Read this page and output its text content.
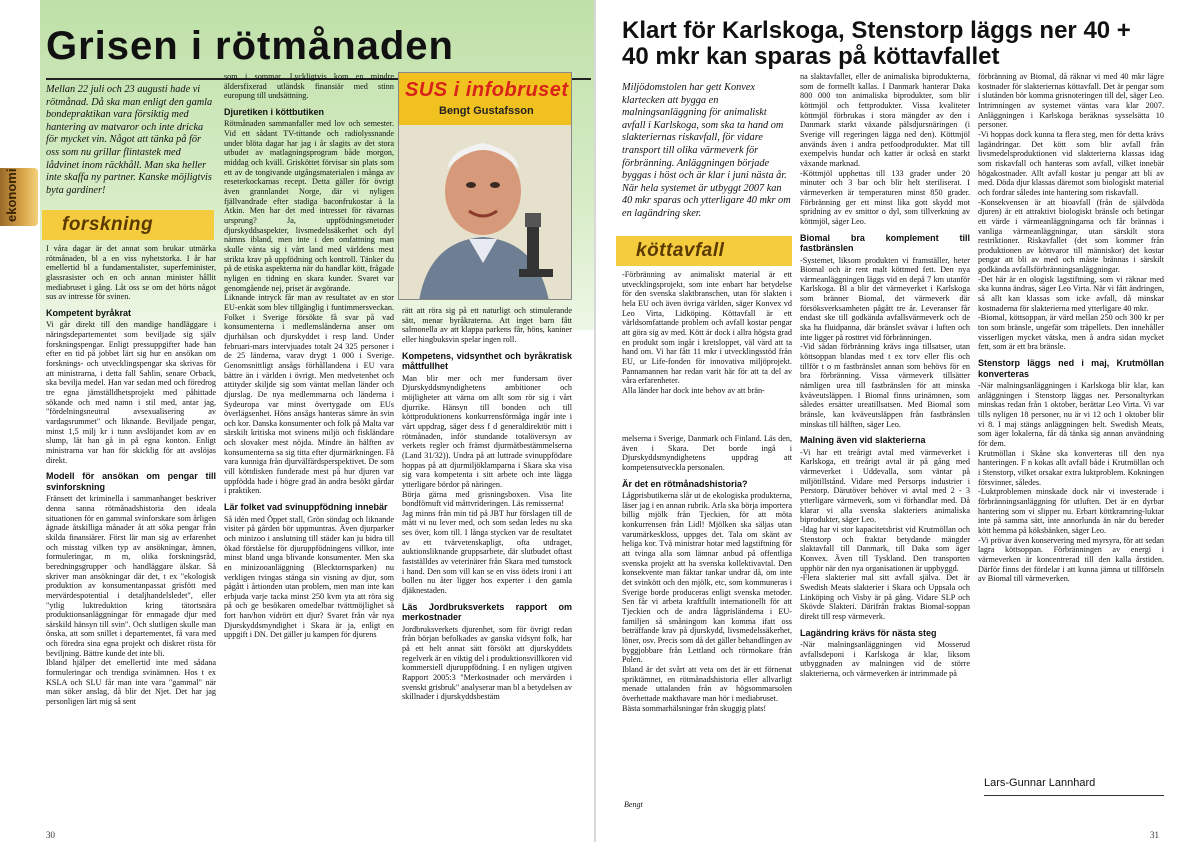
Grisen i rötmånaden
Mellan 22 juli och 23 augusti hade vi rötmånad. Då ska man enligt den gamla bondepraktikan vara försiktig med hantering av matvaror och inte dricka för mycket vin. Något att tänka på för oss som nu grillar flintastek med lådvinet inom räckhåll. Man ska heller inte skaffa ny partner. Kanske möjligtvis byta gardiner!
ekonomi
forskning

I våra dagar är det annat som brukar utmärka rötmånaden, bl a en viss nyhetstorka. I år har emellertid bl a fundamentalister, superfeminister, glassrasister och en och annan minister hållit mediabruset i gång. Låt oss se om det hörts något sus av intresse för svinen.

Kompetent byråkrat

Vi går direkt till den mandige handläggare i näringsdepartementet som beviljade sig själv forskningspengar. Enligt pressuppgifter hade han efter en tid på jobbet lärt sig hur en ansökan om forsknings- och utvecklingspengar ska skrivas för att ministrarna, i detta fall Sahlin, senare Orback, ska bevilja medel. Han var sedan med och föredrog tre egna jämställdhetsprojekt med påhittade sökande och med namn i stil med, antar jag, "fördelningsneutral avsexualisering av vardagsrummet" och liknande. Beviljade pengar, minst 1,5 milj kr i tunn avslöjandet kom av en slump, lät han gå in på egna konton. Enligt ministrarna var han för skicklig för att avslöjas direkt.

Modell för ansökan om pengar till svinforskning

Fränsett det kriminella i sammanhanget beskriver denna sanna rötmånadshistoria den ideala situationen för en gammal svinforskare som årligen ägnade åtskilliga månader åt att söka pengar från skilda finansiärer. Först lär man sig av erfarenhet och misstag vilken typ av ansökningar, ämnen, formuleringar, m m, olika forskningsråd, beredningsgrupper och handläggare älskar. Så skriver man ansökningar där det, t ex "ekologisk produktion av konsumentanpassat grisfött med mervärdespotential i detaljhandelsledet", eller "ytlig luktreduktion kring tätortsnära produktionsanläggningar för enmagade djur med särskild hänsyn till svin". Och slutligen skulle man önska, att som snillet i departementet, få vara med och föredra sina egna projekt och diskret rösta för beviljning. Bättre kunde det inte bli.

Ibland hjälper det emellertid inte med sådana formuleringar och trendiga svinämnen. Hos t ex KSLA och SLU får man inte vara "gammal" när man söker anslag, då blir det Njet. Det har jag personligen lärt mig så sent

som i sommar. Lyckligtvis kom en mindre äldersfixerad utländsk finansiär med stinn europung till undsättning.

Djuretiken i köttbutiken

Rötmånaden sammanfaller med lov och semester. Vid ett sådant TV-tittande och radiolyssnande under blöta dagar har jag i år slagits av det stora utbudet av matlagningsprogram både morgon, middag och kväll. Grisköttet förvisar sin plats som ett av de tongivande utgångsmaterialen i många av reseterkockarnas recept. Detta gäller för övrigt även grannlandet Norge, där vi nyligen fjällvandrade efter stadiga baconfrukostar à la Atkin. Men har det med intresset för rävarnas ursprung? Ja, uppfödningsmetoder djurskyddsaspekter, livsmedelssäkerhet och dyl nämns ibland, men inte i den omfattning man skulle vänta sig i vårt land med världens mest strikta krav på uppfödning och kontroll. Tänker du på de etiska aspekterna när du handlar kött, frågade nyligen en tidning en skara kunder. Svaret var genomgående nej, priset är avgörande.

Liknande intryck får man av resultatet av en stor EU-enkät som blev tillgänglig i funtimmersveckan. Folket i Sverige försökte få svar på vad konsumenterna i medlemsländerna anser om djurhälsan och djurskyddet i resp land. Under februari-mars intervjuades totalt 24 325 personer i de 25 länderna, varav drygt 1 000 i Sverige. Genomsnittligt ansågs förhållandena i EU vara bättre än i världen i övrigt. Men medvetenhet och attityder skiljde sig som väntat mellan länder och djurslag. De nya medlemmarna och länderna i Sydeuropa var minst övertygade om EUs överlägsenhet. Höns ansågs hanteras sämre än svin och kor. Danska konsumenter och folk på Malta var särskilt kritiska mot svinens miljö och fiskländare och slovaker mest nöjda. Mindre än hälften av konsumenterna sa sig titta efter djurmärkningen. Få vara kunniga från djurvälfärdsperspektivet. De som vill köttdisken funderade mest på hur djuren var uppfödda hade i högre grad än andra besökt gårdar i praktiken.

Lär folket vad svinuppfödning innebär

Så idén med Öppet stall, Grön söndag och liknande visiter på gården bör uppmuntras. Även djurparker och minizoo i anslutning till städer kan ju bidra till ökad förståelse för djuruppfödningens villkor, inte minst bland unga blivande konsumenter. Men ska en minizooanläggning (Blecktornsparken) nu verkligen tvingas stänga sin visning av djur, som pågått i årtionden utan problem, men man inte kan erbjuda varje tacka minst 250 kvm yta att röra sig på och ge besökaren omedelbar tvättmöjlighet så fort han/hon vidrört ett djur? Svaret från vår nya Djurskyddsmyndighet i Skara är ja, enligt en uppgift i DN. Det gäller ju kampen för djurens

rätt att röra sig på ett naturligt och stimulerande sätt, menar byråkraterna. Att inget barn fått salmonella av att klappa parkens får, höns, kaniner eller hingbuksvin spelar ingen roll.

Kompetens, vidsynthet och byråkratisk måttfullhet

Man blir mer och mer fundersam över Djurskyddsmyndighetens ambitioner och möjligheter att värna om allt som rör sig i vårt djurrike. Hänsyn till bonden och till köttproduktionens konkurrensförmåga ingår inte i vårt uppdrag, säger dess f d generaldirektör mitt i rötmånaden, inför stundande totalöversyn av verkets regler och främst djurmätbestämmelserna (Land 31/32)). Undra på att luttrade svinuppfödare hoppas på att djurmiljöklamparna i Skara ska visa sig vara kompetenta i sitt arbete och inte lägga ytterligare bördor på näringen.

Börja gärna med grisningsboxen. Visa lite bondförnuft vid måttvrideringen. Läs remisserna!

Jag minns från min tid på JBT hur förslagen till de mått vi nu lever med, och som sedan ledes nu ska ses över, kom till. I långa stycken var de resultatet av ett tvärvetenskapligt, ofta utdraget, auktionsliknande gruppsarbete, där slutbudet oftast fastställdes av veterinärer från Skara med tumstock i hand. Den som vill kan se en viss ödets ironi i att bollen nu åter ligger hos experter i den gamla djäknestaden.

Läs Jordbruksverkets rapport om merkostnader

Jordbruksverkets djurenhet, som för övrigt redan från början befolkades av ganska vidsynt folk, har på ett helt annat sätt försökt att djurskyddets regelverk är en viktig del i produktionsvillkoren vid kommersiell djuruppfödning. I en nyligen utgiven Rapport 2005:3 "Merkostnader och mervärden i svenskt grisbruk" analyserar man bl a betydelsen av skillnader i djurskyddsbestäm

SUS i infobruset
Bengt Gustafsson
30
Klart för Karlskoga, Stenstorp läggs ner 40 + 40 mkr kan sparas på köttavfallet
Miljödomstolen har gett Konvex klartecken att bygga en malningsanläggning för animaliskt avfall i Karlskoga, som ska ta hand om slakteriernas riskavfall, för vidare transport till olika värmeverk för förbränning. Anläggningen började byggas i höst och är klar i juni nästa år. När hela systemet är utbyggt 2007 kan 40 mkr sparas och ytterligare 40 mkr om en lagändring sker.
köttavfall

-Förbränning av animaliskt material är ett utvecklingsprojekt, som inte enbart har betydelse för den svenska slaktbranschen, utan för slakten i hela EU och även övriga världen, säger Konvex vd Leo Virta, Lidköping. Köttavfall är ett världsomfattande problem och avfall kostar pengar att göra sig av med. Kött är dock i allra högsta grad en produkt som ingår i kretsloppet, väl värd att ta hand om. Vi har fått 11 mkr i utvecklingsstöd från EU, ur Life-fonden för innovativa miljöprojekt. Pannamannen har redan varit här för att ta del av våra erfarenheter.

Alla länder har dock inte behov av att brän-

melserna i Sverige, Danmark och Finland. Läs den, även i Skara. Det borde ingå i Djurskyddsmyndighetens uppdrag att kompetensutveckla personalen.

Är det en rötmånadshistoria?

Lågprisbutikerna slår ut de ekologiska produkterna, läser jag i en annan rubrik. Arla ska börja importera billig mjölk från Tjeckien, för att möta konkurrensen från Lidl! Mjölken ska säljas utan varumärkeskloss, uppges det. Tala om skänt av heliga kor. Två ministrar hotar med lagstiftning för att tvinga alla som lämnar anbud på offentliga svenska projekt att ha svenska kollektivavtal. Den konsekvente man fäktar tankar undrar då, om inte det svinkött och den mjölk, etc, som kommuneras i Sverige borde produceras enligt svenska metoder. Sen får vi arbeta kraftfullt internationellt för att Tjeckien och de andra lågprisländerna i EU-familjen så småningom kan komma ifatt oss beträffande krav på djurskydd, livsmedelssäkerhet, löner, osv. Precis som då det gäller behandlingen av byggjobbare från Lettland och rörmokare från Polen.

Ibland är det svårt att veta om det är ett förnenat spriktämnet, en rötmånadshistoria eller allvarligt menade uttalanden från av högsommarsolen överhettade makthavare man hör i mediabruset.

Bästa sommarhälsningar från skuggig plats!

Bengt

na slaktavfallet, eller de animaliska biprodukterna, som de formellt kallas. I Danmark hanterar Daka 800 000 ton animaliska biprodukter, som blir köttmjöl och fettprodukter. Vissa kvaliteter köttmjöl förbrukas i stora mängder av den i Danmark starkt växande pälsdjursnäringen (i Sverige vill regeringen lägga ned den). Köttmjöl används även i andra petfoodprodukter. Mat till exempelvis hundar och katter är också en starkt växande marknad.

-Köttmjöl upphettas till 133 grader under 20 minuter och 3 bar och blir helt steriliserat. I värmeverken är temperaturen minst 850 grader. Förbränning ger ett minst lika gott skydd mot spridning av ev smittor o dyl, som tillverkning av köttmjöl, säger Leo.

Biomal bra komplement till fastbränslen

-Systemet, liksom produkten vi framställer, heter Biomal och är rent malt köttmed fett. Den nya värmeanläggningen läggs vid en depå 7 km utanför Karlskoga. Bl a blir det värmeverket i Karlskoga som bränner Biomal, det värmeverk där försöksverksamheten pågått tre år. Leveranser får endast ske till godkända avfallsvärmeverk och de ska ha fluidpanna, där bränslet svävar i luften och inte ligger på rosttret vid förbränningen.

-Vid sådan förbränning krävs inga tillsatser, utan köttsoppan blandas med t ex torv eller flis och tillför t o m fastbränslet annan som behövs för en bra förbränning. Vissa värmeverk tillsätter nämligen urea till fastbränslen för att minska kväveutsläppen. I Biomal finns urinämnen, som således ersätter ureatillsatsen. Med Biomal som bränsle, kan kväveutsläppen från fastbränslen minskas till hälften, säger Leo.

Malning även vid slakterierna

-Vi har ett treårigt avtal med värmeverket i Karlskoga, ett treårigt avtal är på gång med värmeverket i Uddevalla, som väntar på miljötillstånd. Vidare med Persorps industrier i Perstorp. Därutöver behöver vi avtal med 2 - 3 ytterligare värmeverk, som vi förhandlar med. Då klarar vi alla svenska slakteriers animaliska biprodukter, säger Leo.

-Idag har vi stor kapacitetsbrist vid Krutmöllan och Stenstorp och fraktar betydande mängder slaktavfall till Danmark, till Daka som äger Konvex. Även till Tyskland. Den transporten upphör när den nya organisationen är uppbyggd.

-Flera slakterier mal sitt avfall själva. Det är Swedish Meats slakterier i Skara och Uppsala och Linköping och Visby är på gång. Vidare SLP och Skövde Slakteri. Därifrån fraktas Biomal-soppan direkt till resp värmeverk.

Lagändring krävs för nästa steg

-När malningsanläggningen vid Mosserud avfallsdeponi i Karlskoga är klar, liksom utbyggnaden av malningen vid de större slakterierna, och värmeverken är intrimmade på

förbränning av Biomal, då räknar vi med 40 mkr lägre kostnader för slakteriernas köttavfall. Det är pengar som i slutänden bör komma grisnoteringen till del, säger Leo. Intrimningen av systemet väntas vara klar 2007. Anläggningen i Karlskoga beräknas sysselsätta 10 personer.

-Vi hoppas dock kunna ta flera steg, men för detta krävs lagändringar. Det kött som blir avfall från livsmedelsproduktionen vid slakterierna klassas idag som riskavfall och hanteras som avfall, vilket innebär högakostnader. Allt avfall kostar ju pengar att bli av med. Döda djur klassas däremot som biologiskt material och fordrar således inte hantering som riskavfall.

-Konsekvensen är att bioavfall (från de självdöda djuren) är ett attraktivt biologiskt bränsle och betingar ett värde i värmeanläggningarna och får brännas i vanliga värmeanläggningar, utan särskilt stora restriktioner. Riskavfallet (det som kommer från produktionen av köttvaror till människor) det kostar pengar att bli av med och måste brännas i särskilt godkända avfallsförbränningsanläggningar.

-Det här är en ologisk lagstiftning, som vi räknar med ska kunna ändras, säger Leo Virta. När vi fått ändringen, så allt kan klassas som icke avfall, då minskar kostnaderna för slakterierna med ytterligare 40 mkr.

-Biomal, köttsoppan, är värd mellan 250 och 300 kr per ton som bränsle, ungefär som träpellets. Den innehåller visserligen mycket vätska, men å andra sidan mycket fett, som är ett bra bränsle.

Stenstorp läggs ned i maj, Krutmöllan konverteras

-När malningsanläggningen i Karlskoga blir klar, kan anläggningen i Stenstorp läggas ner. Personaltyrkan minskas redan från 1 oktober, berättar Leo Virta. Vi var tills nyligen 18 personer, nu är vi 12 och 1 oktober blir vi 8. I maj stängs anläggningen helt. Swedish Meats, som äger lokalerna, får då tänka sig annan användning för dem.

Krutmöllan i Skåne ska konverteras till den nya hanteringen. F n kokas allt avfall både i Krutmöllan och i Stenstorp, vilket orsakar extra luktproblem. Kokningen försvinner, således.

-Luktproblemen minskade dock när vi investerade i förbränningsanläggning för utluften. Det är en dyrbar hantering som vi slipper nu. Erbart köttkramring-luktar inte på samma sätt, inte annorlunda än när du bereder kött hemma på köksbänken, säger Leo.

-Vi prövar även konservering med myrsyra, för att sedan lagra köttsoppan. Förbränningen av energi i värmeverken är koncentrerad till den kalla årstiden. Därför finns det fördelar i att kunna jämna ut tillförseln av Biomal till värmeverken.

Lars-Gunnar Lannhard
31
